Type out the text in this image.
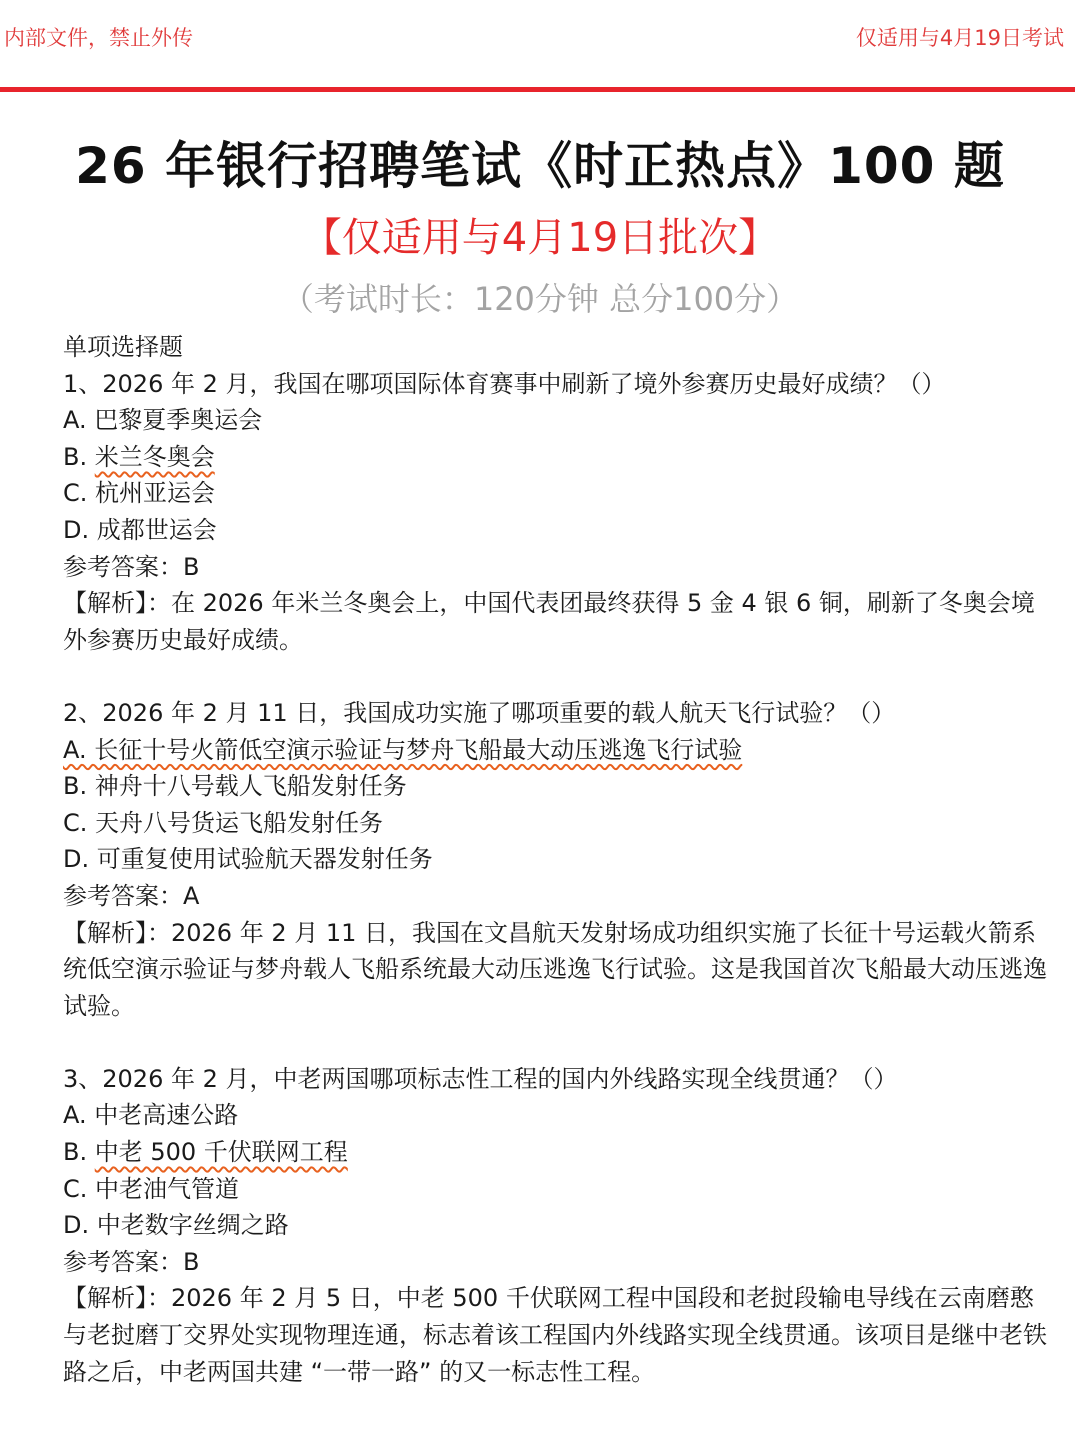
内部文件，禁止外传	仅适用与4月19日考试
26 年银行招聘笔试《时正热点》100 题
【仅适用与4月19日批次】
（考试时长：120分钟 总分100分）
单项选择题
1、2026 年 2 月，我国在哪项国际体育赛事中刷新了境外参赛历史最好成绩？（）
A. 巴黎夏季奥运会
B. 米兰冬奥会
C. 杭州亚运会
D. 成都世运会
参考答案：B
【解析】：在 2026 年米兰冬奥会上，中国代表团最终获得 5 金 4 银 6 铜，刷新了冬奥会境外参赛历史最好成绩。
2、2026 年 2 月 11 日，我国成功实施了哪项重要的载人航天飞行试验？（）
A. 长征十号火箭低空演示验证与梦舟飞船最大动压逃逸飞行试验
B. 神舟十八号载人飞船发射任务
C. 天舟八号货运飞船发射任务
D. 可重复使用试验航天器发射任务
参考答案：A
【解析】：2026 年 2 月 11 日，我国在文昌航天发射场成功组织实施了长征十号运载火箭系统低空演示验证与梦舟载人飞船系统最大动压逃逸飞行试验。这是我国首次飞船最大动压逃逸试验。
3、2026 年 2 月，中老两国哪项标志性工程的国内外线路实现全线贯通？（）
A. 中老高速公路
B. 中老 500 千伏联网工程
C. 中老油气管道
D. 中老数字丝绸之路
参考答案：B
【解析】：2026 年 2 月 5 日，中老 500 千伏联网工程中国段和老挝段输电导线在云南磨憨与老挝磨丁交界处实现物理连通，标志着该工程国内外线路实现全线贯通。该项目是继中老铁路之后，中老两国共建 “一带一路” 的又一标志性工程。
